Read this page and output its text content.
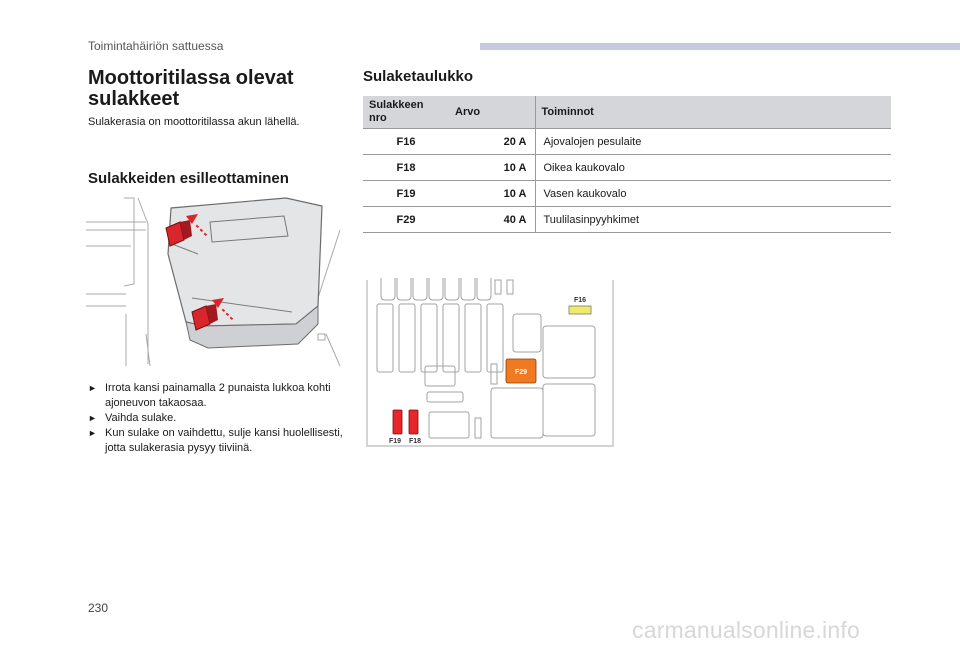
Toimintahäiriön sattuessa
Moottoritilassa olevat sulakkeet
Sulakerasia on moottoritilassa akun lähellä.
Sulakkeiden esilleottaminen
► Irrota kansi painamalla 2 punaista lukkoa kohti ajoneuvon takaosaa.
► Vaihda sulake.
► Kun sulake on vaihdettu, sulje kansi huolellisesti, jotta sulakerasia pysyy tiiviinä.
Sulaketaulukko
Sulakkeen nro	Arvo	Toiminnot
F16	20 A	Ajovalojen pesulaite
F18	10 A	Oikea kaukovalo
F19	10 A	Vasen kaukovalo
F29	40 A	Tuulilasinpyyhkimet
F16
F29
F19 F18
230
carmanualsonline.info
